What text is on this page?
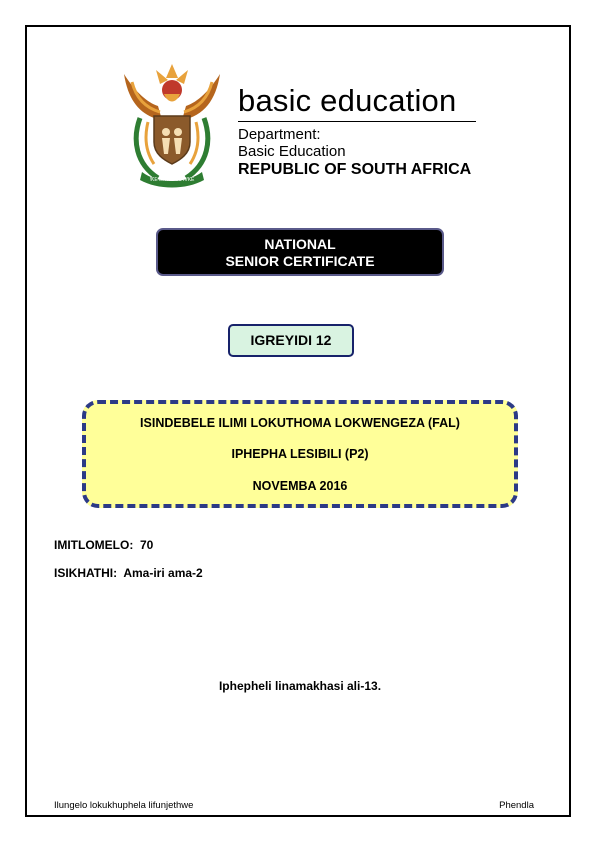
!KE E: /XARRA //KE
basic education
Department:
Basic Education
REPUBLIC OF SOUTH AFRICA
NATIONAL
SENIOR CERTIFICATE
IGREYIDI 12
ISINDEBELE ILIMI LOKUTHOMA LOKWENGEZA (FAL)
IPHEPHA LESIBILI (P2)
NOVEMBA 2016
IMITLOMELO: 70
ISIKHATHI: Ama-iri ama-2
Iphepheli linamakhasi ali-13.
Ilungelo lokukhuphela lifunjethwe	Phendla
